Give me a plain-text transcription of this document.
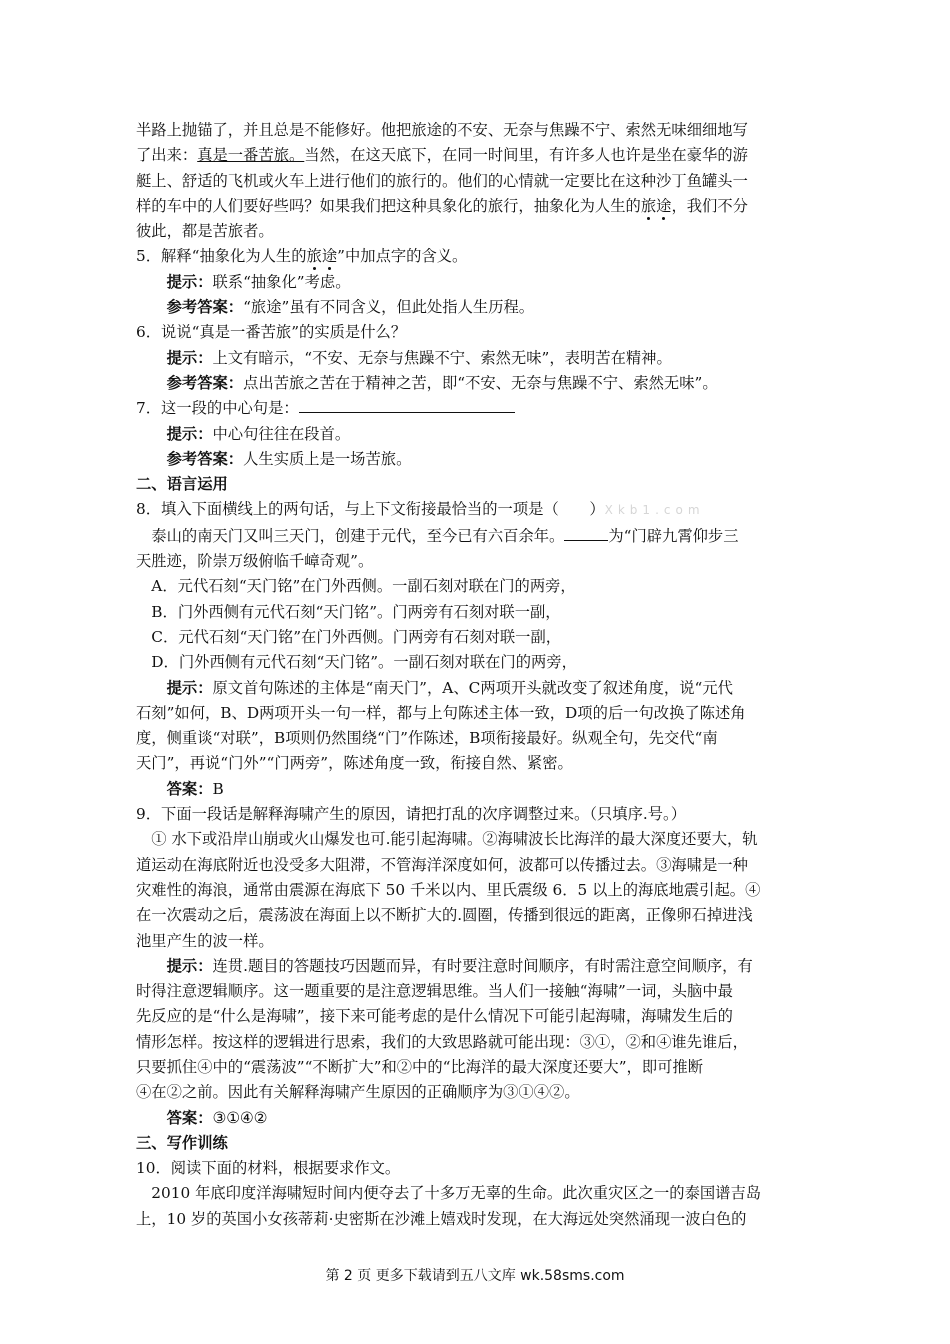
半路上抛锚了，并且总是不能修好。他把旅途的不安、无奈与焦躁不宁、索然无味细细地写

了出来：真是一番苦旅。当然，在这天底下，在同一时间里，有许多人也许是坐在豪华的游

艇上、舒适的飞机或火车上进行他们的旅行的。他们的心情就一定要比在这种沙丁鱼罐头一

样的车中的人们要好些吗？如果我们把这种具象化的旅行，抽象化为人生的旅途，我们不分

彼此，都是苦旅者。

5．解释“抽象化为人生的旅途”中加点字的含义。

提示：联系“抽象化”考虑。

参考答案：“旅途”虽有不同含义，但此处指人生历程。

6．说说“真是一番苦旅”的实质是什么？

提示：上文有暗示，“不安、无奈与焦躁不宁、索然无味”，表明苦在精神。

参考答案：点出苦旅之苦在于精神之苦，即“不安、无奈与焦躁不宁、索然无味”。

7．这一段的中心句是：

提示：中心句往往在段首。

参考答案：人生实质上是一场苦旅。

二、语言运用

8．填入下面横线上的两句话，与上下文衔接最恰当的一项是（　　）Xkb1.com

泰山的南天门又叫三天门，创建于元代，至今已有六百余年。	为“门辟九霄仰步三

天胜迹，阶崇万级俯临千嶂奇观”。

A．元代石刻“天门铭”在门外西侧。一副石刻对联在门的两旁，

B．门外西侧有元代石刻“天门铭”。门两旁有石刻对联一副，

C．元代石刻“天门铭”在门外西侧。门两旁有石刻对联一副，

D．门外西侧有元代石刻“天门铭”。一副石刻对联在门的两旁，

提示：原文首句陈述的主体是“南天门”，A、C两项开头就改变了叙述角度，说“元代

石刻”如何，B、D两项开头一句一样，都与上句陈述主体一致，D项的后一句改换了陈述角

度，侧重谈“对联”，B项则仍然围绕“门”作陈述，B项衔接最好。纵观全句，先交代“南

天门”，再说“门外”“门两旁”，陈述角度一致，衔接自然、紧密。

答案：B

9．下面一段话是解释海啸产生的原因，请把打乱的次序调整过来。（只填序.号。）

① 水下或沿岸山崩或火山爆发也可.能引起海啸。②海啸波长比海洋的最大深度还要大，轨

道运动在海底附近也没受多大阻滞，不管海洋深度如何，波都可以传播过去。③海啸是一种

灾难性的海浪，通常由震源在海底下 50 千米以内、里氏震级 6．5 以上的海底地震引起。④

在一次震动之后，震荡波在海面上以不断扩大的.圆圈，传播到很远的距离，正像卵石掉进浅

池里产生的波一样。

提示：连贯.题目的答题技巧因题而异，有时要注意时间顺序，有时需注意空间顺序，有

时得注意逻辑顺序。这一题重要的是注意逻辑思维。当人们一接触“海啸”一词，头脑中最

先反应的是“什么是海啸”，接下来可能考虑的是什么情况下可能引起海啸，海啸发生后的

情形怎样。按这样的逻辑进行思索，我们的大致思路就可能出现：③①，②和④谁先谁后，

只要抓住④中的“震荡波”“不断扩大”和②中的“比海洋的最大深度还要大”，即可推断

④在②之前。因此有关解释海啸产生原因的正确顺序为③①④②。

答案：③①④②

三、写作训练

10．阅读下面的材料，根据要求作文。

2010 年底印度洋海啸短时间内便夺去了十多万无辜的生命。此次重灾区之一的泰国谱吉岛

上，10 岁的英国小女孩蒂莉·史密斯在沙滩上嬉戏时发现，在大海远处突然涌现一波白色的

第 2 页 更多下载请到五八文库 wk.58sms.com
